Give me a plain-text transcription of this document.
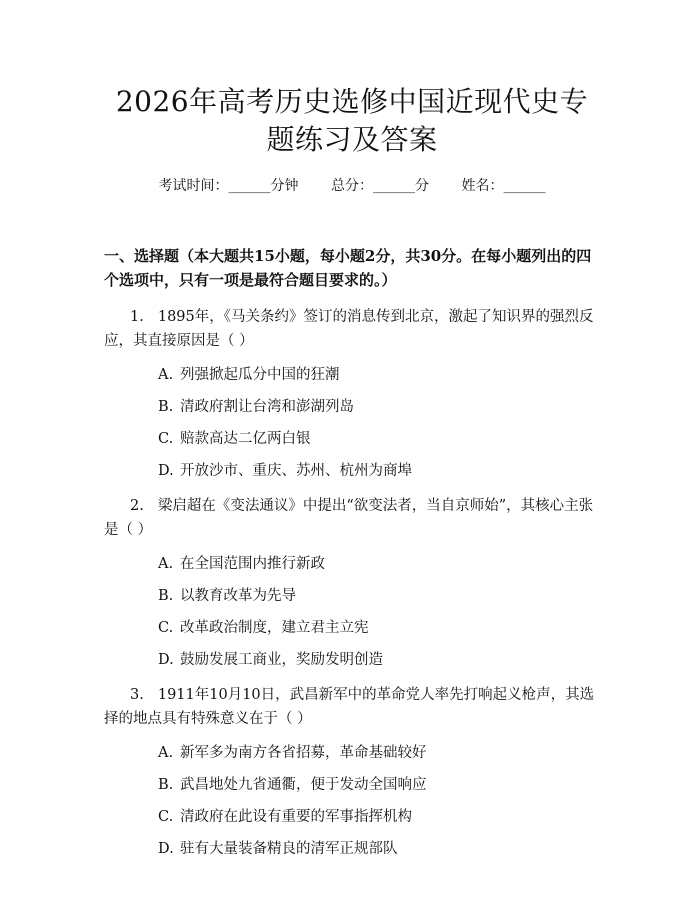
2026年高考历史选修中国近现代史专题练习及答案
考试时间：______分钟 总分：______分 姓名：______
一、选择题（本大题共15小题，每小题2分，共30分。在每小题列出的四个选项中，只有一项是最符合题目要求的。）
1. 1895年，《马关条约》签订的消息传到北京，激起了知识界的强烈反应，其直接原因是（ ）
A. 列强掀起瓜分中国的狂潮
B. 清政府割让台湾和澎湖列岛
C. 赔款高达二亿两白银
D. 开放沙市、重庆、苏州、杭州为商埠
2. 梁启超在《变法通议》中提出“欲变法者，当自京师始”，其核心主张是（ ）
A. 在全国范围内推行新政
B. 以教育改革为先导
C. 改革政治制度，建立君主立宪
D. 鼓励发展工商业，奖励发明创造
3. 1911年10月10日，武昌新军中的革命党人率先打响起义枪声，其选择的地点具有特殊意义在于（ ）
A. 新军多为南方各省招募，革命基础较好
B. 武昌地处九省通衢，便于发动全国响应
C. 清政府在此设有重要的军事指挥机构
D. 驻有大量装备精良的清军正规部队
